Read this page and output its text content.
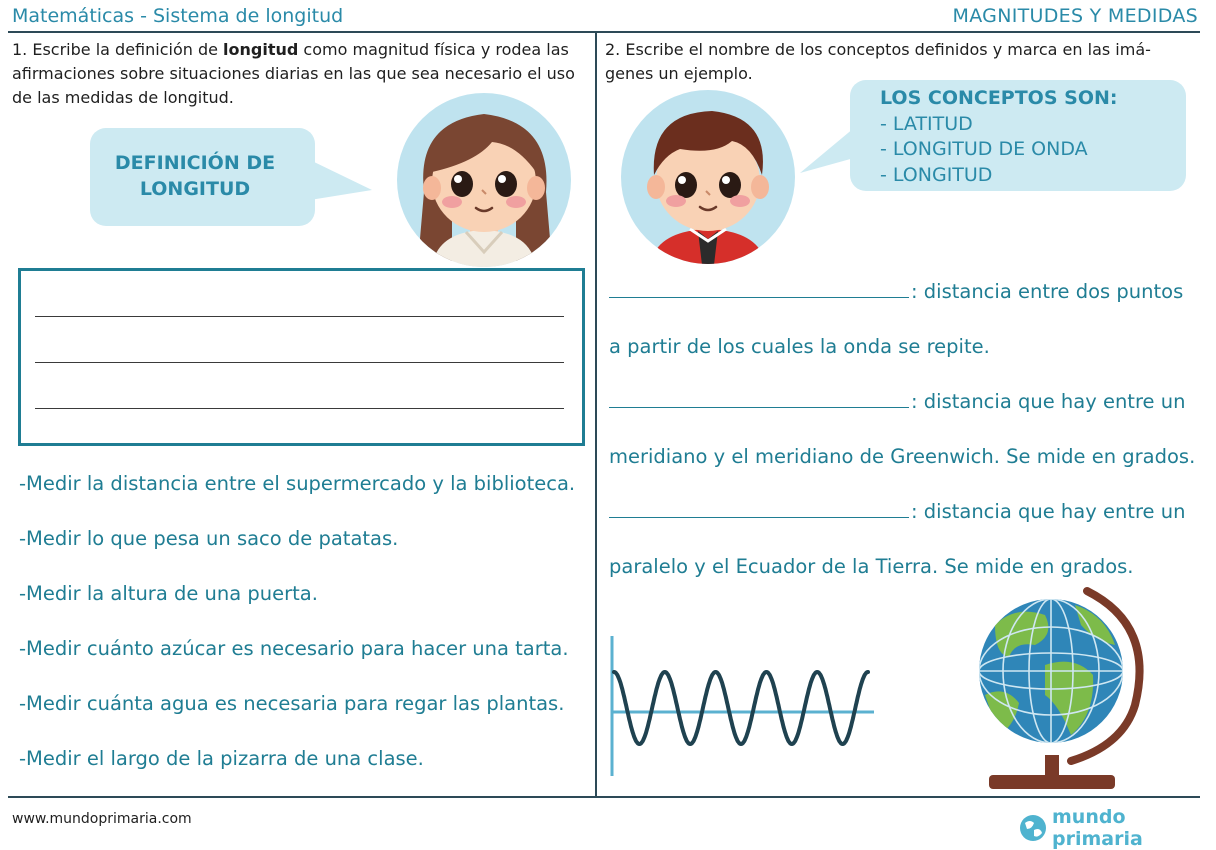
Matemáticas - Sistema de longitud	MAGNITUDES Y MEDIDAS
1. Escribe la definición de longitud como magnitud física y rodea las afirmaciones sobre situaciones diarias en las que sea necesario el uso de las medidas de longitud.
DEFINICIÓN DE
LONGITUD
-Medir la distancia entre el supermercado y la biblioteca.
-Medir lo que pesa un saco de patatas.
-Medir la altura de una puerta.
-Medir cuánto azúcar es necesario para hacer una tarta.
-Medir cuánta agua es necesaria para regar las plantas.
-Medir el largo de la pizarra de una clase.
2. Escribe el nombre de los conceptos definidos y marca en las imá-
genes un ejemplo.
LOS CONCEPTOS SON:
- LATITUD
- LONGITUD DE ONDA
- LONGITUD
: distancia entre dos puntos
a partir de los cuales la onda se repite.
: distancia que hay entre un
meridiano y el meridiano de Greenwich. Se mide en grados.
: distancia que hay entre un
paralelo y el Ecuador de la Tierra. Se mide en grados.
www.mundoprimaria.com	mundo primaria
